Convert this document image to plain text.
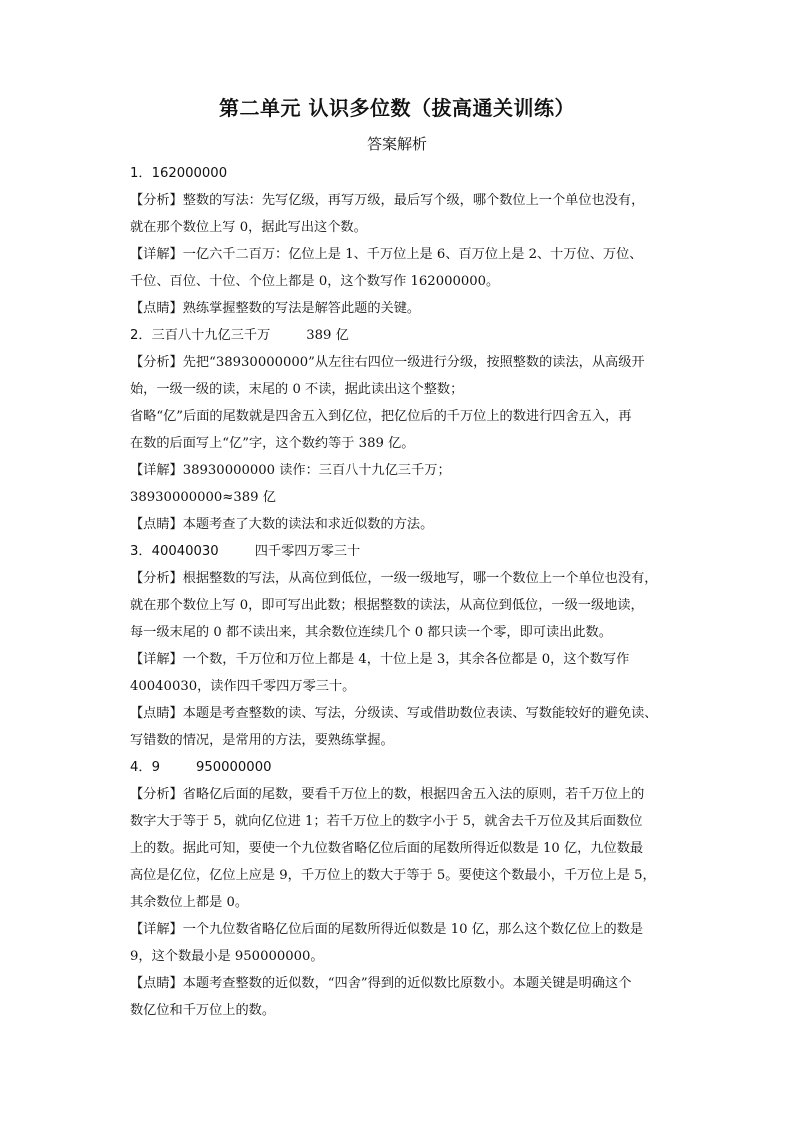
第二单元 认识多位数（拔高通关训练）
答案解析
1．162000000
【分析】整数的写法：先写亿级，再写万级，最后写个级，哪个数位上一个单位也没有，
就在那个数位上写 0，据此写出这个数。
【详解】一亿六千二百万：亿位上是 1、千万位上是 6、百万位上是 2、十万位、万位、
千位、百位、十位、个位上都是 0，这个数写作 162000000。
【点睛】熟练掌握整数的写法是解答此题的关键。
2．三百八十九亿三千万	389 亿
【分析】先把“38930000000”从左往右四位一级进行分级，按照整数的读法，从高级开
始，一级一级的读，末尾的 0 不读，据此读出这个整数；
省略“亿”后面的尾数就是四舍五入到亿位，把亿位后的千万位上的数进行四舍五入，再
在数的后面写上“亿”字，这个数约等于 389 亿。
【详解】38930000000 读作：三百八十九亿三千万；
38930000000≈389 亿
【点睛】本题考查了大数的读法和求近似数的方法。
3．40040030	四千零四万零三十
【分析】根据整数的写法，从高位到低位，一级一级地写，哪一个数位上一个单位也没有，
就在那个数位上写 0，即可写出此数；根据整数的读法，从高位到低位，一级一级地读，
每一级末尾的 0 都不读出来，其余数位连续几个 0 都只读一个零，即可读出此数。
【详解】一个数，千万位和万位上都是 4，十位上是 3，其余各位都是 0，这个数写作
40040030，读作四千零四万零三十。
【点睛】本题是考查整数的读、写法，分级读、写或借助数位表读、写数能较好的避免读、
写错数的情况，是常用的方法，要熟练掌握。
4．9	950000000
【分析】省略亿后面的尾数，要看千万位上的数，根据四舍五入法的原则，若千万位上的
数字大于等于 5，就向亿位进 1；若千万位上的数字小于 5，就舍去千万位及其后面数位
上的数。据此可知，要使一个九位数省略亿位后面的尾数所得近似数是 10 亿，九位数最
高位是亿位，亿位上应是 9，千万位上的数大于等于 5。要使这个数最小，千万位上是 5，
其余数位上都是 0。
【详解】一个九位数省略亿位后面的尾数所得近似数是 10 亿，那么这个数亿位上的数是
9，这个数最小是 950000000。
【点睛】本题考查整数的近似数，“四舍”得到的近似数比原数小。本题关键是明确这个
数亿位和千万位上的数。
